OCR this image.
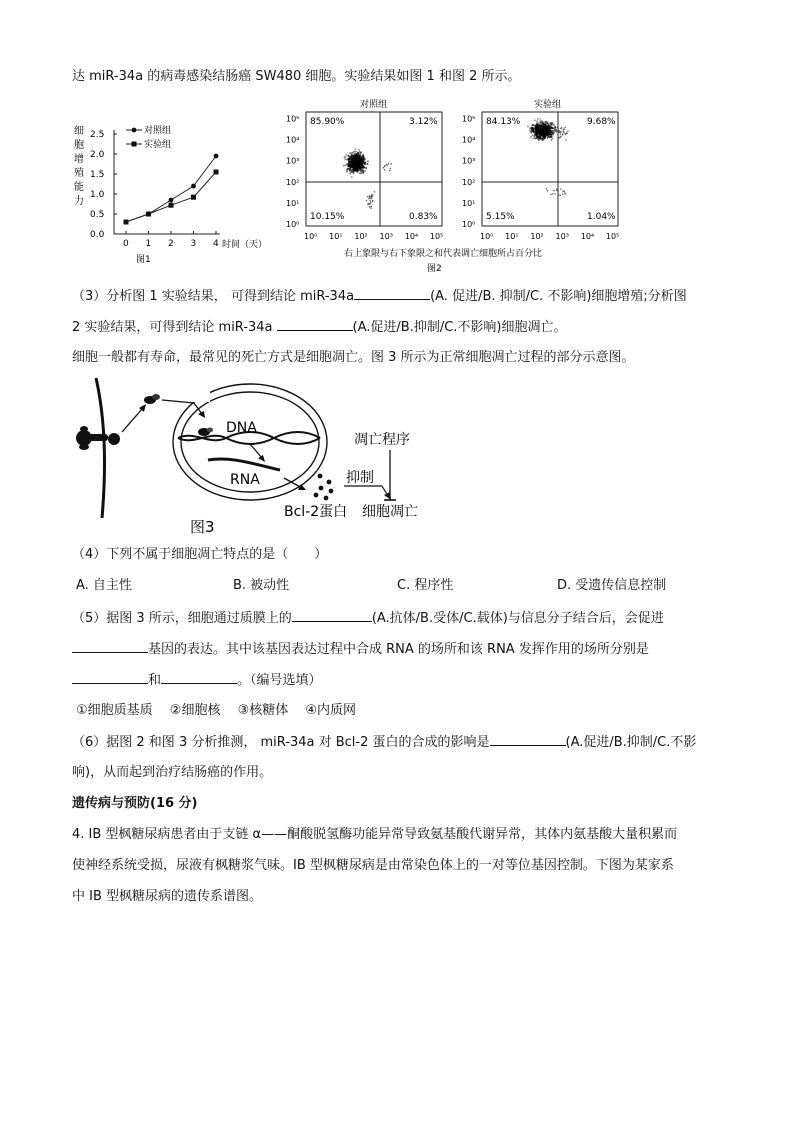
达 miR-34a 的病毒感染结肠癌 SW480 细胞。实验结果如图 1 和图 2 所示。
细
胞
增
殖
能
力
2.5
2.0
1.5
1.0
0.5
0.0
0 1 2 3 4 时间（天）
图1
对照组
实验组
对照组	实验组
85.90%	3.12%
10.15%	0.83%
10⁰
10⁰
10¹
10¹
10²
10²
10³
10³
10⁴
10⁴
10⁵
10⁵	84.13%	9.68%
5.15%	1.04%
10⁰
10⁰
10¹
10¹
10²
10²
10³
10³
10⁴
10⁴
10⁵
10⁵
右上象限与右下象限之和代表调亡细胞所占百分比
图2
（3）分析图 1 实验结果， 可得到结论 miR-34a	(A. 促进/B. 抑制/C. 不影响)细胞增殖;分析图
2 实验结果，可得到结论 miR-34a	(A.促进/B.抑制/C.不影响)细胞凋亡。
细胞一般都有寿命，最常见的死亡方式是细胞凋亡。图 3 所示为正常细胞凋亡过程的部分示意图。
DNA
RNA
凋亡程序
抑制
Bcl-2蛋白 细胞凋亡
图3
（4）下列不属于细胞凋亡特点的是（　　）
A. 自主性	B. 被动性	C. 程序性	D. 受遗传信息控制
（5）据图 3 所示，细胞通过质膜上的	(A.抗体/B.受体/C.载体)与信息分子结合后，会促进
基因的表达。其中该基因表达过程中合成 RNA 的场所和该 RNA 发挥作用的场所分别是
和	。（编号选填）
①细胞质基质　 ②细胞核　 ③核糖体　 ④内质网
（6）据图 2 和图 3 分析推测， miR-34a 对 Bcl-2 蛋白的合成的影响是	(A.促进/B.抑制/C.不影
响)，从而起到治疗结肠癌的作用。
遗传病与预防(16 分)
4. IB 型枫糖尿病患者由于支链 α——酮酸脱氢酶功能异常导致氨基酸代谢异常，其体内氨基酸大量积累而
使神经系统受损，尿液有枫糖浆气味。IB 型枫糖尿病是由常染色体上的一对等位基因控制。下图为某家系
中 IB 型枫糖尿病的遗传系谱图。
